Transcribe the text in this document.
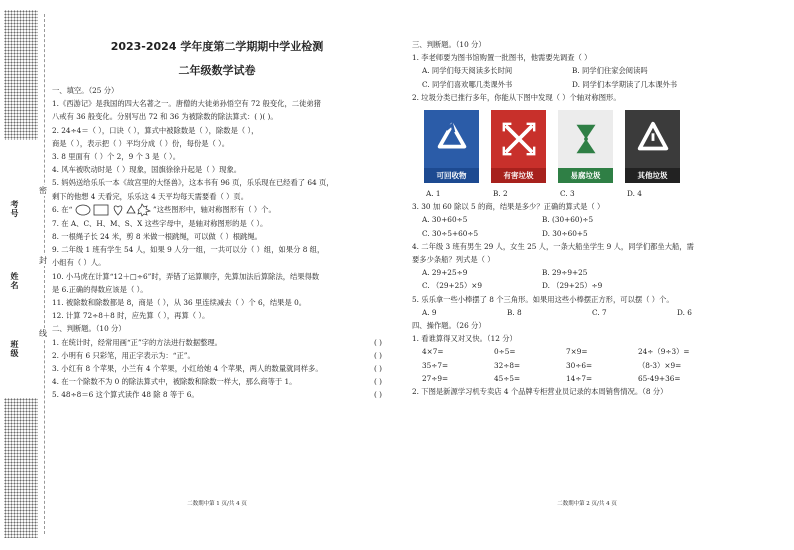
考号
姓名
班级
密
封
线
2023-2024 学年度第二学期期中学业检测
二年级数学试卷
一、填空。（25 分）
1.《西游记》是我国的四大名著之一。唐僧的大徒弟孙悟空有 72 般变化，二徒弟猪
八戒有 36 般变化。分别写出 72 和 36 为被除数的除法算式：( )( )。
2. 24÷4＝（ ），口诀（ ），算式中被除数是（ ），除数是（ ），
商是（ ），表示把（ ）平均分成（ ）份，每份是（ ）。
3. 8 里面有（ ）个 2，9 个 3 是（ ）。
4. 风车被吹动时是（ ）现象，国旗徐徐升起是（ ）现象。
5. 妈妈送给乐乐一本《故宫里的大怪兽》，这本书有 96 页，乐乐现在已经看了 64 页，
剩下的他想 4 天看完，乐乐这 4 天平均每天需要看（ ）页。
6. 在“	”这些图形中，轴对称图形有（ ）个。
7. 在 A、C、H、M、S、X 这些字母中，是轴对称图形的是（ ）。
8. 一根绳子长 24 米，剪 8 米做一根跳绳，可以做（ ）根跳绳。
9. 二年级 1 班有学生 54 人，如果 9 人分一组，一共可以分（ ）组，如果分 8 组，
小组有（ ）人。
10. 小马虎在计算“12＋□÷6”时，弄错了运算顺序，先算加法后算除法，结果得数
是 6.正确的得数应该是（ ）。
11. 被除数和除数都是 8，商是（ ），从 36 里连续减去（ ）个 6，结果是 0。
12. 计算 72÷8＋8 时，应先算（ ），再算（ ）。
二、判断题。（10 分）
1. 在统计时，经常用画“正”字的方法进行数据整理。	( )
2. 小明有 6 只彩笔，用正字表示为：“正”。	( )
3. 小红有 8 个苹果，小兰有 4 个苹果，小红给她 4 个苹果，两人的数量就同样多。	( )
4. 在一个除数不为 0 的除法算式中，被除数和除数一样大，那么商等于 1。	( )
5. 48÷8＝6 这个算式读作 48 除 8 等于 6。	( )
二数期中第 1 页/共 4 页
三、判断题。（10 分）
1. 李老师要为图书馆购置一批图书，他需要先调查（ ）
A. 同学们每天阅读多长时间	B. 同学们住家会阅读吗
C. 同学们喜欢哪几类课外书	D. 同学们本学期读了几本课外书
2. 垃圾分类已推行多年，你能从下图中发现（ ）个轴对称图形。
可回收物	有害垃圾	易腐垃圾	其他垃圾
A. 1	B. 2	C. 3	D. 4
3. 30 加 60 除以 5 的商，结果是多少？正确的算式是（ ）
A. 30+60÷5	B. (30+60)÷5
C. 30÷5+60÷5	D. 30÷60+5
4. 二年级 3 班有男生 29 人，女生 25 人，一条大船坐学生 9 人，同学们都坐大船，需
要多少条船？列式是（ ）
A. 29+25÷9	B. 29÷9+25
C. （29+25）×9	D. （29+25）÷9
5. 乐乐拿一些小棒摆了 8 个三角形。如果用这些小棒摆正方形，可以摆（ ）个。
A. 9	B. 8	C. 7	D. 6
四、操作题。（26 分）
1. 看谁算得又对又快。（12 分）
4×7=	0÷5=	7×9=	24÷（9÷3）=
35÷7=	32÷8=	30÷6=	（8-3）×9=
27÷9=	45÷5=	14÷7=	65-49+36=
2. 下图是新源学习机专卖店 4 个品牌专柜营业员记录的本周销售情况。（8 分）
二数期中第 2 页/共 4 页
